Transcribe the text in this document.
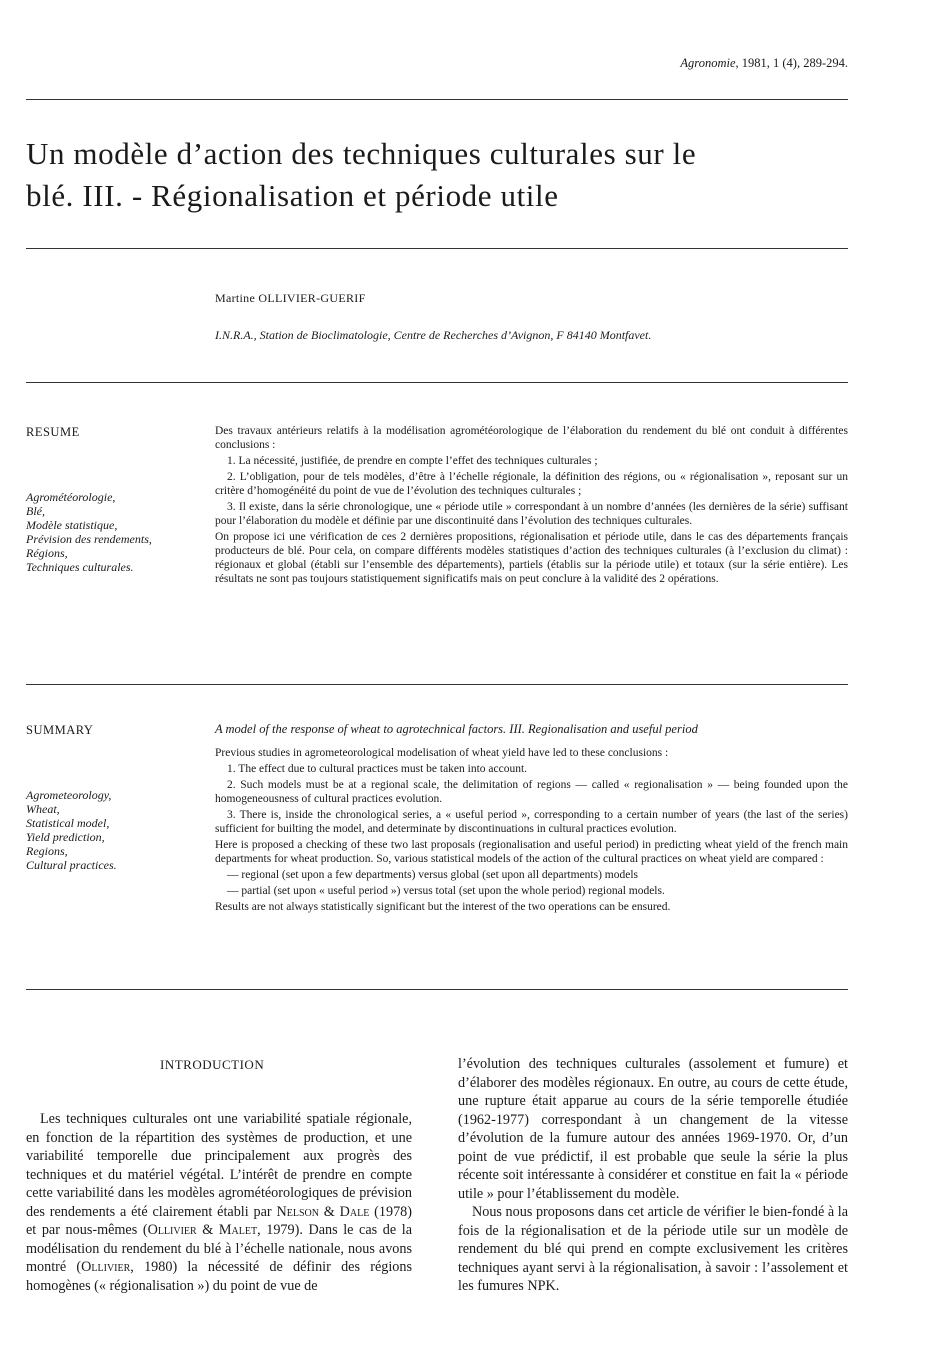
Agronomie, 1981, 1 (4), 289-294.
Un modèle d’action des techniques culturales sur le
blé. III. - Régionalisation et période utile
Martine OLLIVIER-GUERIF
I.N.R.A., Station de Bioclimatologie, Centre de Recherches d’Avignon, F 84140 Montfavet.
RESUME
Agrométéorologie,
Blé,
Modèle statistique,
Prévision des rendements,
Régions,
Techniques culturales.

Des travaux antérieurs relatifs à la modélisation agrométéorologique de l’élaboration du rendement du blé ont conduit à différentes conclusions :

1. La nécessité, justifiée, de prendre en compte l’effet des techniques culturales ;

2. L’obligation, pour de tels modèles, d’être à l’échelle régionale, la définition des régions, ou « régionalisation », reposant sur un critère d’homogénéité du point de vue de l’évolution des techniques culturales ;

3. Il existe, dans la série chronologique, une « période utile » correspondant à un nombre d’années (les dernières de la série) suffisant pour l’élaboration du modèle et définie par une discontinuité dans l’évolution des techniques culturales.

On propose ici une vérification de ces 2 dernières propositions, régionalisation et période utile, dans le cas des départements français producteurs de blé. Pour cela, on compare différents modèles statistiques d’action des techniques culturales (à l’exclusion du climat) : régionaux et global (établi sur l’ensemble des départements), partiels (établis sur la période utile) et totaux (sur la série entière). Les résultats ne sont pas toujours statistiquement significatifs mais on peut conclure à la validité des 2 opérations.

SUMMARY
Agrometeorology,
Wheat,
Statistical model,
Yield prediction,
Regions,
Cultural practices.

A model of the response of wheat to agrotechnical factors. III. Regionalisation and useful period

Previous studies in agrometeorological modelisation of wheat yield have led to these conclusions :

1. The effect due to cultural practices must be taken into account.

2. Such models must be at a regional scale, the delimitation of regions — called « regionalisation » — being founded upon the homogeneousness of cultural practices evolution.

3. There is, inside the chronological series, a « useful period », corresponding to a certain number of years (the last of the series) sufficient for builting the model, and determinate by discontinuations in cultural practices evolution.

Here is proposed a checking of these two last proposals (regionalisation and useful period) in predicting wheat yield of the french main departments for wheat production. So, various statistical models of the action of the cultural practices on wheat yield are compared :

— regional (set upon a few departments) versus global (set upon all departments) models

— partial (set upon « useful period ») versus total (set upon the whole period) regional models.

Results are not always statistically significant but the interest of the two operations can be ensured.

INTRODUCTION

Les techniques culturales ont une variabilité spatiale régionale, en fonction de la répartition des systèmes de production, et une variabilité temporelle due principalement aux progrès des techniques et du matériel végétal. L’intérêt de prendre en compte cette variabilité dans les modèles agrométéorologiques de prévision des rendements a été clairement établi par Nelson & Dale (1978) et par nous-mêmes (Ollivier & Malet, 1979). Dans le cas de la modélisation du rendement du blé à l’échelle nationale, nous avons montré (Ollivier, 1980) la nécessité de définir des régions homogènes (« régionalisation ») du point de vue de

l’évolution des techniques culturales (assolement et fumure) et d’élaborer des modèles régionaux. En outre, au cours de cette étude, une rupture était apparue au cours de la série temporelle étudiée (1962-1977) correspondant à un changement de la vitesse d’évolution de la fumure autour des années 1969-1970. Or, d’un point de vue prédictif, il est probable que seule la série la plus récente soit intéressante à considérer et constitue en fait la « période utile » pour l’établissement du modèle.

Nous nous proposons dans cet article de vérifier le bien-fondé à la fois de la régionalisation et de la période utile sur un modèle de rendement du blé qui prend en compte exclusivement les critères techniques ayant servi à la régionalisation, à savoir : l’assolement et les fumures NPK.
